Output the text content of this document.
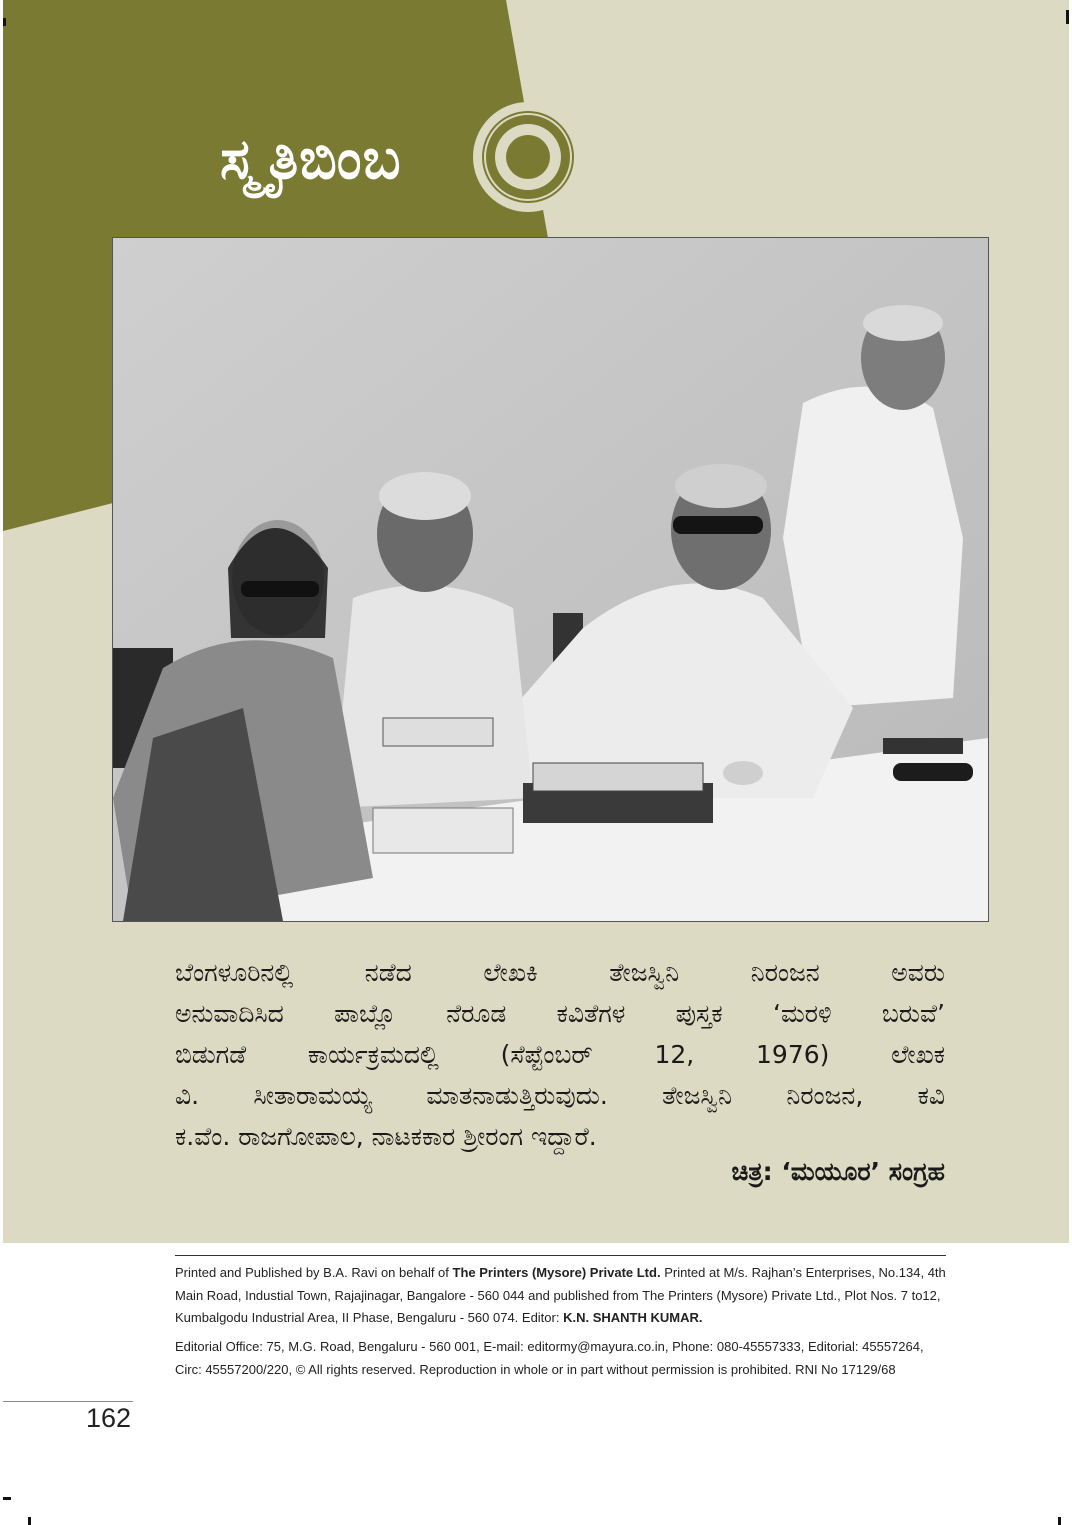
ಸ್ಮೃತಿಬಿಂಬ
ಬೆಂಗಳೂರಿನಲ್ಲಿ ನಡೆದ ಲೇಖಕಿ ತೇಜಸ್ವಿನಿ ನಿರಂಜನ ಅವರು
ಅನುವಾದಿಸಿದ ಪಾಬ್ಲೊ ನೆರೂಡ ಕವಿತೆಗಳ ಪುಸ್ತಕ ‘ಮರಳಿ ಬರುವೆ’
ಬಿಡುಗಡೆ ಕಾರ್ಯಕ್ರಮದಲ್ಲಿ (ಸೆಪ್ಟೆಂಬರ್ 12, 1976) ಲೇಖಕ
ವಿ. ಸೀತಾರಾಮಯ್ಯ ಮಾತನಾಡುತ್ತಿರುವುದು. ತೇಜಸ್ವಿನಿ ನಿರಂಜನ, ಕವಿ
ಕ.ವೆಂ. ರಾಜಗೋಪಾಲ, ನಾಟಕಕಾರ ಶ್ರೀರಂಗ ಇದ್ದಾರೆ.
ಚಿತ್ರ: ‘ಮಯೂರ’ ಸಂಗ್ರಹ
Printed and Published by B.A. Ravi on behalf of The Printers (Mysore) Private Ltd. Printed at M/s. Rajhan’s Enterprises, No.134, 4th Main Road, Industial Town, Rajajinagar, Bangalore - 560 044 and published from The Printers (Mysore) Private Ltd., Plot Nos. 7 to12, Kumbalgodu Industrial Area, II Phase, Bengaluru - 560 074. Editor: K.N. SHANTH KUMAR.
Editorial Office: 75, M.G. Road, Bengaluru - 560 001, E-mail: editormy@mayura.co.in, Phone: 080-45557333, Editorial: 45557264, Circ: 45557200/220, © All rights reserved. Reproduction in whole or in part without permission is prohibited. RNI No 17129/68
162
